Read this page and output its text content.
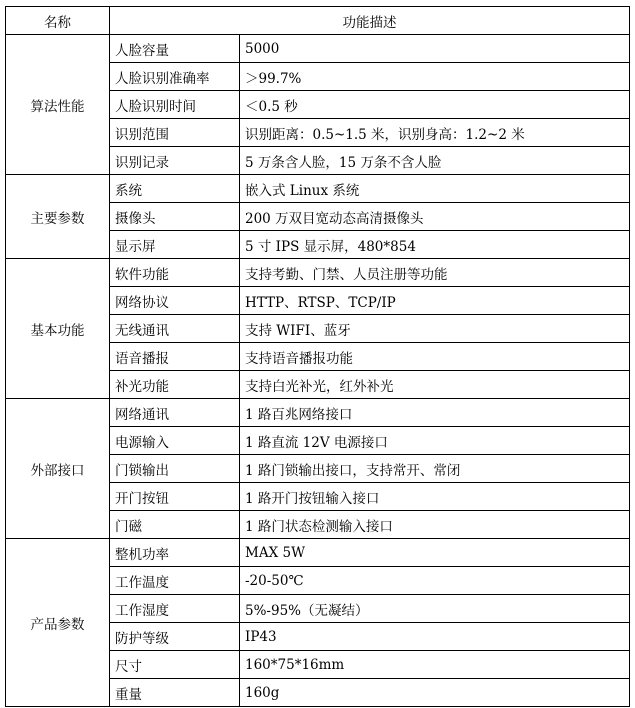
名称	功能描述	
算法性能	人脸容量	5000
	人脸识别准确率	＞99.7%
	人脸识别时间	＜0.5 秒
	识别范围	识别距离：0.5~1.5 米，识别身高：1.2~2 米
	识别记录	5 万条含人脸，15 万条不含人脸
主要参数	系统	嵌入式 Linux 系统
	摄像头	200 万双目宽动态高清摄像头
	显示屏	5 寸 IPS 显示屏，480*854
基本功能	软件功能	支持考勤、门禁、人员注册等功能
	网络协议	HTTP、RTSP、TCP/IP
	无线通讯	支持 WIFI、蓝牙
	语音播报	支持语音播报功能
	补光功能	支持白光补光，红外补光
外部接口	网络通讯	1 路百兆网络接口
	电源输入	1 路直流 12V 电源接口
	门锁输出	1 路门锁输出接口，支持常开、常闭
	开门按钮	1 路开门按钮输入接口
	门磁	1 路门状态检测输入接口
产品参数	整机功率	MAX 5W
	工作温度	-20-50℃
	工作湿度	5%-95%（无凝结）
	防护等级	IP43
	尺寸	160*75*16mm
	重量	160g
